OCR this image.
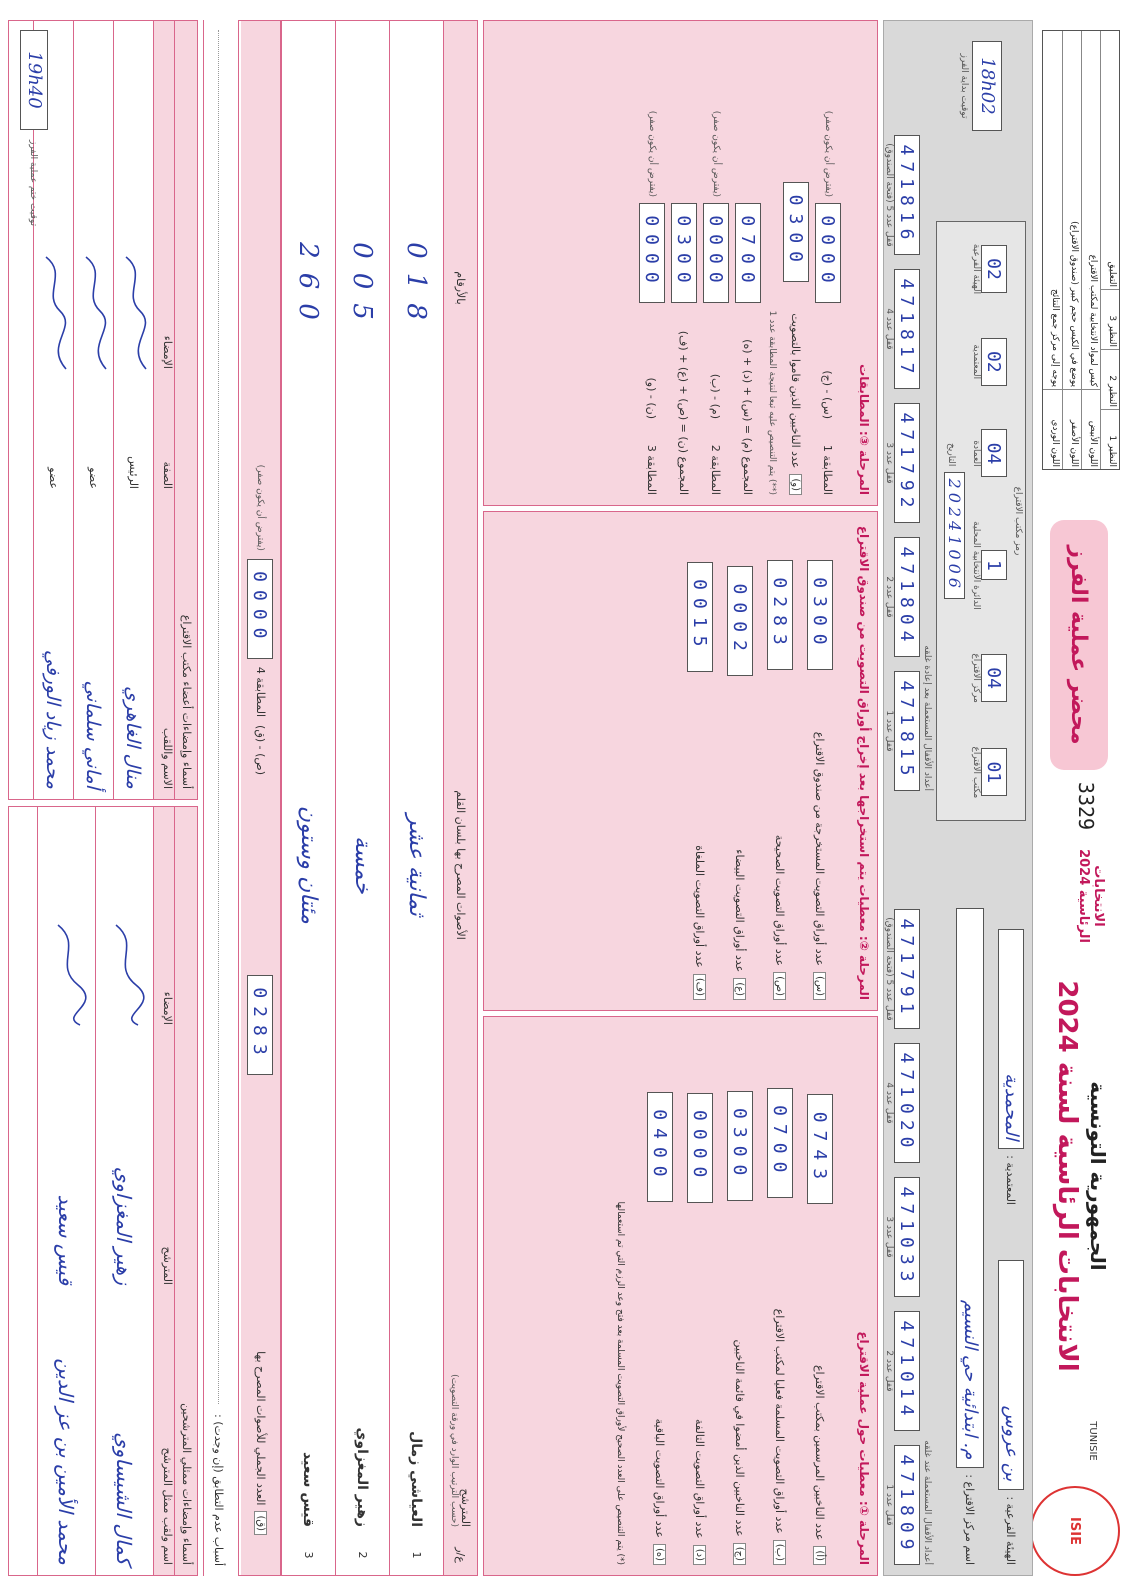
ISIE
TUNISIE
الجمهورية التونسية
الانتخابات الرئاسية لسنة 2024
الانتخابات الرئاسية 2024
3329
محضر عملية الفرز
النظير 1
النظير 2
النظير 3
التعليق
اللون الأبيض
كيس لمواد الانتخابية لمكتب الاقتراع
اللون الأصفر
يوضع في الكيس حجم كبير (صندوق الاقتراع)
اللون الوردي
يوجه إلى مركز جمع النتائج
الهيئة الفرعية :
بن عروس
المعتمدية :
المحمدية
اسم مركز الاقتراع :
م. ابتدائية حي النسيم
رمز مكتب الاقتراع
01
مكتب الاقتراع
04
مركز الاقتراع
1
الدائرة الانتخابية المحلية
04
العمادة
02
المعتمدية
02
الهيئة الفرعية
20241006 التاريخ
18h02
توقيت بداية الفرز
أعداد الأقفال المستعملة عند غلقه
471809
قفل عدد 1
471014
قفل عدد 2
471033
قفل عدد 3
471020
قفل عدد 4
471791
قفل عدد 5 (فتحة الصندوق)
أعداد الأقفال المستعملة بعد إعادة غلقه
471815
قفل عدد 1
471804
قفل عدد 2
471792
قفل عدد 3
471817
قفل عدد 4
471816
قفل عدد 5 (فتحة الصندوق)
المرحلة ①: معطيات حول عملية الاقتراع
(أ)
عدد الناخبين المرسمين بمكتب الاقتراع
0743
(ب)
عدد أوراق التصويت المسلمة فعليا لمكتب الاقتراع
0700
(ج)
عدد الناخبين الذين أمضوا في قائمة الناخبين
0300
(د)
عدد أوراق التصويت التالفة
0000
(ه)
عدد أوراق التصويت الباقية
0400
(*) يتم التنصيص على العدد الصحيح لأوراق التصويت المسلمة بعد فتح وعد الرزم التي تم استعمالها
المرحلة ②: معطيات يتم استخراجها بعد إخراج أوراق التصويت من صندوق الاقتراع
(س)
عدد أوراق التصويت المستخرجة من صندوق الاقتراع
0300
(ص)
عدد أوراق التصويت الصحيحة
0283
(ع)
عدد أوراق التصويت البيضاء
0002
(ف)
عدد أوراق التصويت الملغاة
0015
المرحلة ③: المطابقات
المطابقة 1
(س) - (ج)
0000
(يفترض أن يكون صفر)
(و)
عدد الناخبين الذين قاموا بالتصويت
0300
(**) يتم التنصيص عليه تبعا لنتيجة المطابقة عدد 1
المجموع (م) = (س) + (د) + (ه)
0700
المطابقة 2
(م) - (ب)
0000
(يفترض أن يكون صفر)
المجموع (ن) = (ص) + (ع) + (ف)
0300
المطابقة 3
(ن) - (و)
0000
(يفترض أن يكون صفر)
ع/ر
المترشح
(حسب الترتيب الوارد في ورقة التصويت)
الأصوات المصرح بها بلسان القلم
بالأرقام
1
العياشي زمال
ثمانية عشر
018
2
زهير المغزاوي
خمسة
005
3
قيس سعيد
مئتان وستون
260
(ق)
العدد الجملي للأصوات المصرح بها
0283
(ص) - (ق)
المطابقة 4
0000
(يفترض أن يكون صفر)
أسباب عدم التطابق (إن وجدت) :
أسماء وإمضاءات ممثلي المترشحين
اسم ولقب ممثل المترشح
المترشح
الإمضاء
كمال الشيساوي
زهير المغزاوي
محمد الأمين بن عز الدين
قيس سعيد
أسماء وإمضاءات أعضاء مكتب الاقتراع
الاسم واللقب
الصفة
الإمضاء
منال الغاهري
الرئيس
أماني سلماني
عضو
محمد زياد الورفي
عضو
19h40
توقيت ختم عملية الفرز
